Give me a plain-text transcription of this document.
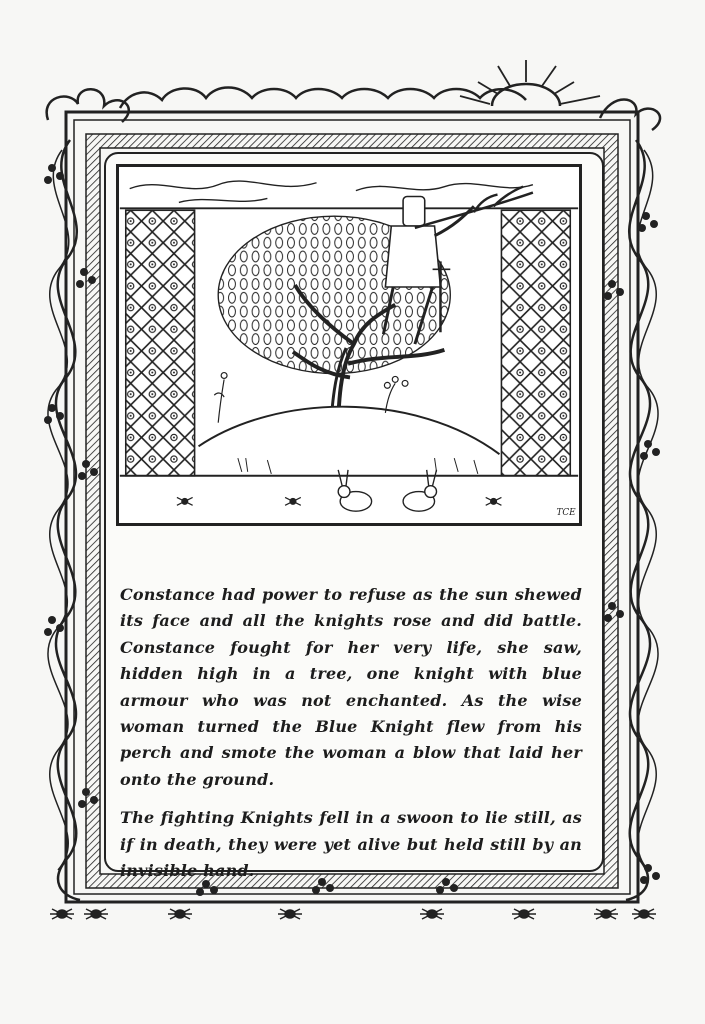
TCE

Constance had power to refuse as the sun shewed its face and all the knights rose and did battle. Constance fought for her very life, she saw, hidden high in a tree, one knight with blue armour who was not enchanted. As the wise woman turned the Blue Knight flew from his perch and smote the woman a blow that laid her onto the ground.

The fighting Knights fell in a swoon to lie still, as if in death, they were yet alive but held still by an invisible hand.
